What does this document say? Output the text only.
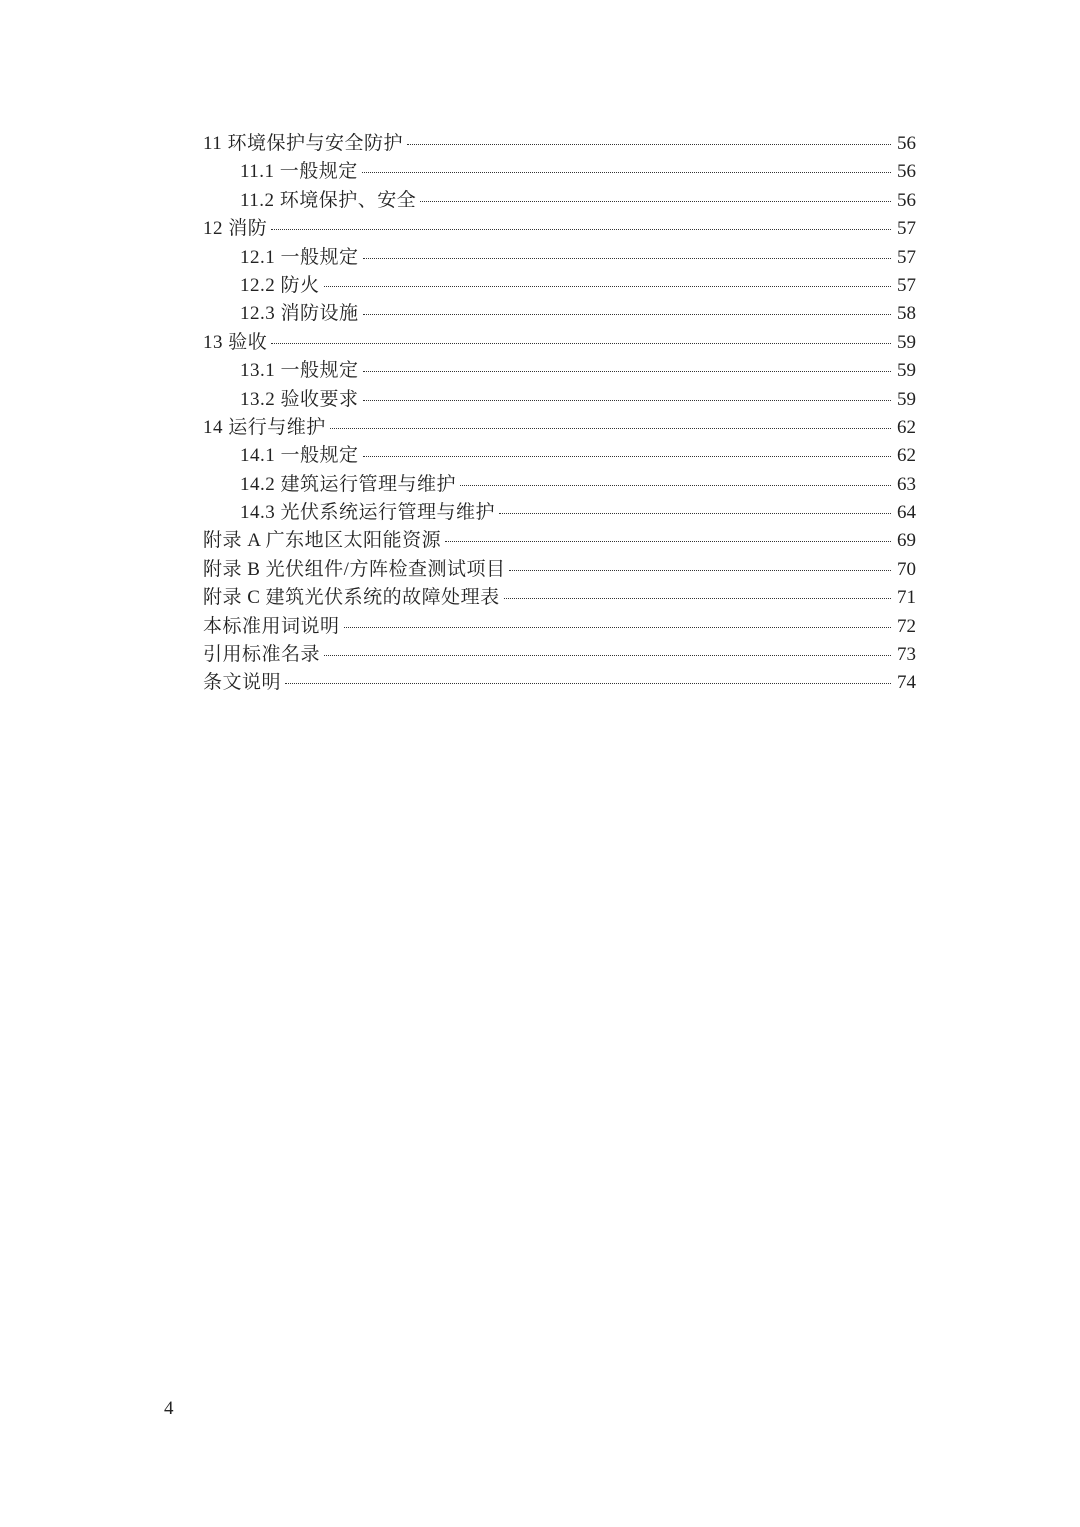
11 环境保护与安全防护	56
11.1 一般规定	56
11.2 环境保护、安全	56
12 消防	57
12.1 一般规定	57
12.2 防火	57
12.3 消防设施	58
13 验收	59
13.1 一般规定	59
13.2 验收要求	59
14 运行与维护	62
14.1 一般规定	62
14.2 建筑运行管理与维护	63
14.3 光伏系统运行管理与维护	64
附录 A 广东地区太阳能资源	69
附录 B 光伏组件/方阵检查测试项目	70
附录 C 建筑光伏系统的故障处理表	71
本标准用词说明	72
引用标准名录	73
条文说明	74
4
